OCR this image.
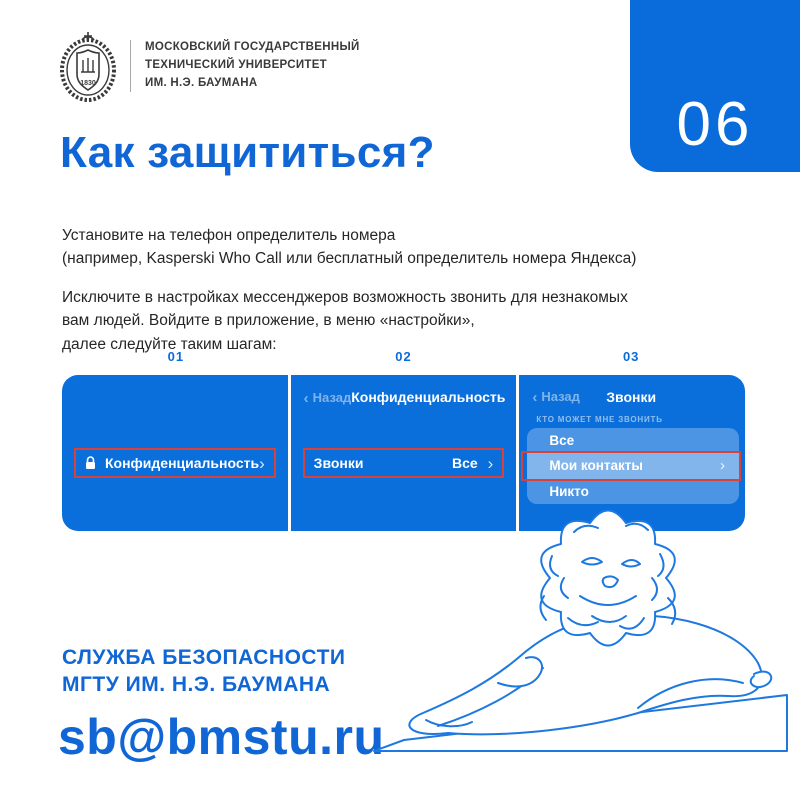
1830
МОСКОВСКИЙ ГОСУДАРСТВЕННЫЙ
ТЕХНИЧЕСКИЙ УНИВЕРСИТЕТ
ИМ. Н.Э. БАУМАНА
06
Как защититься?
Установите на телефон определитель номера
(например, Kasperski Who Call или бесплатный определитель номера Яндекса)
Исключите в настройках мессенджеров возможность звонить для незнакомых
вам людей. Войдите в приложение, в меню «настройки»,
далее следуйте таким шагам:
01	02	03
Конфиденциальность ›
‹ Назад Конфиденциальность
Звонки	Все ›
‹ Назад	Звонки
КТО МОЖЕТ МНЕ ЗВОНИТЬ
Все
Мои контакты	›
Никто
СЛУЖБА БЕЗОПАСНОСТИ
МГТУ ИМ. Н.Э. БАУМАНА
sb@bmstu.ru
